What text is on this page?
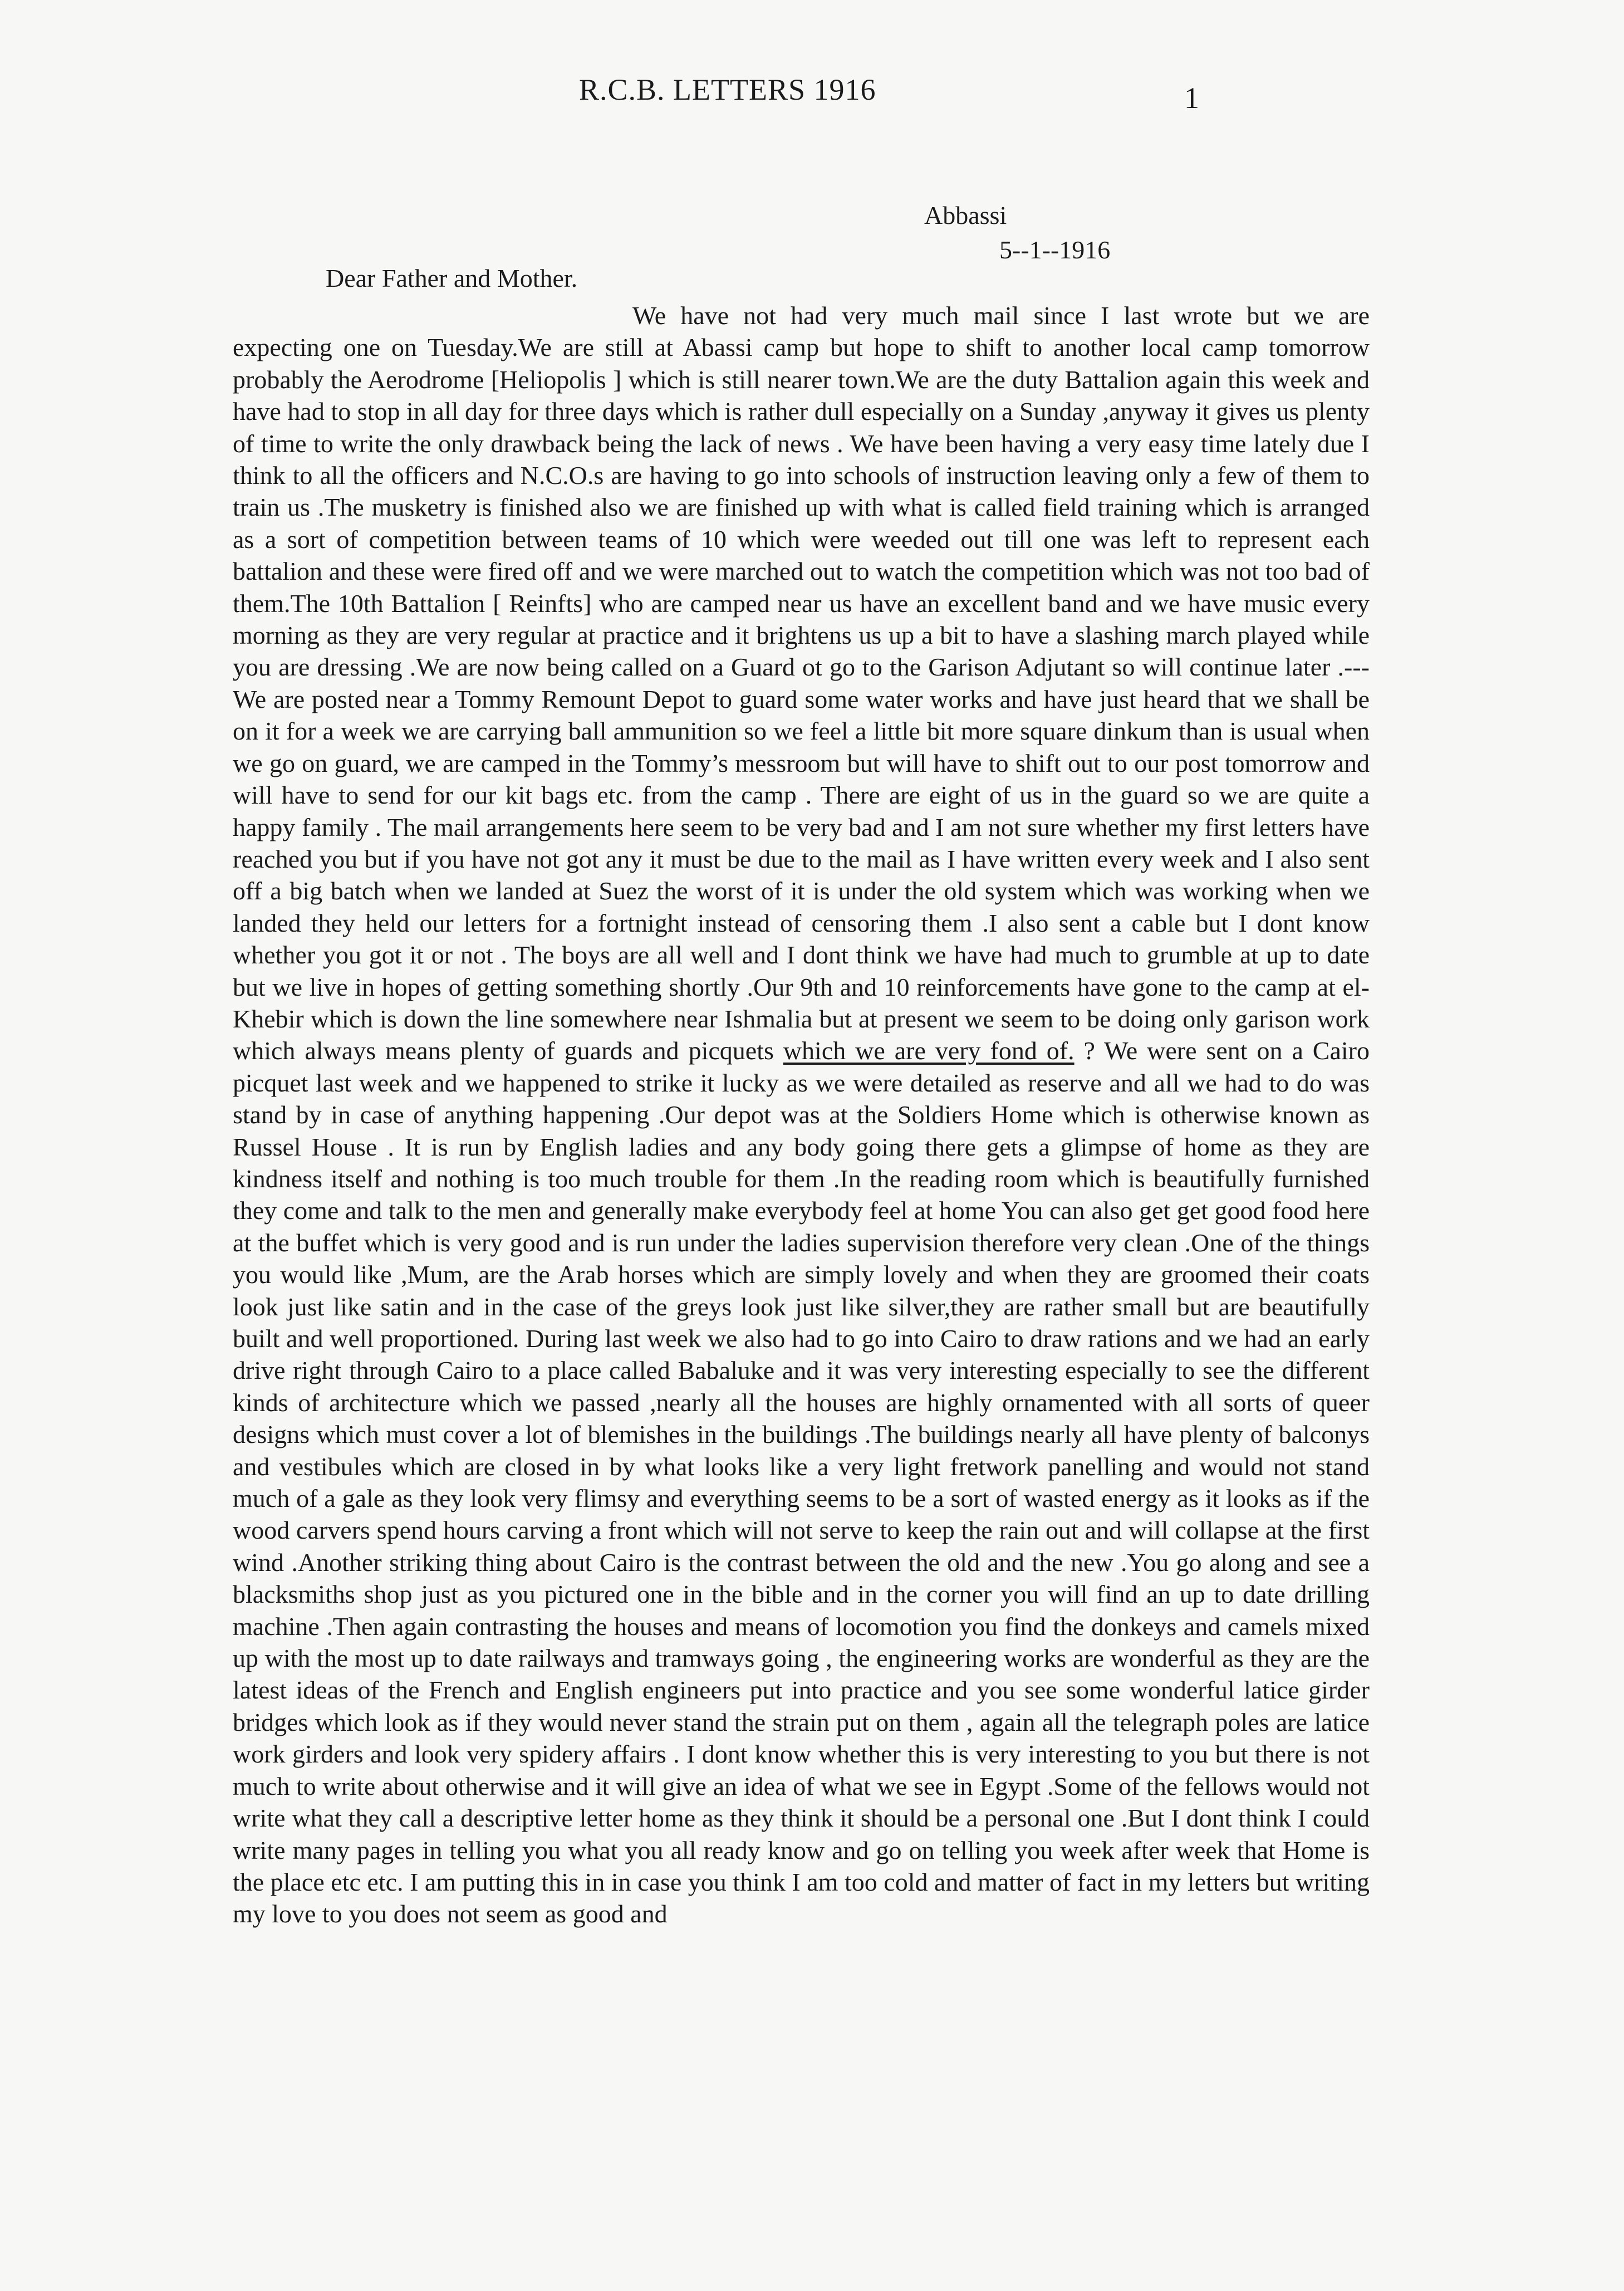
R.C.B. LETTERS 1916	1
Abbassi
5--1--1916
Dear Father and Mother.
We have not had very much mail since I last wrote but we are expecting one on Tuesday.We are still at Abassi camp but hope to shift to another local camp tomorrow probably the Aerodrome [Heliopolis ] which is still nearer town.We are the duty Battalion again this week and have had to stop in all day for three days which is rather dull especially on a Sunday ,anyway it gives us plenty of time to write the only drawback being the lack of news . We have been having a very easy time lately due I think to all the officers and N.C.O.s are having to go into schools of instruction leaving only a few of them to train us .The musketry is finished also we are finished up with what is called field training which is arranged as a sort of competition between teams of 10 which were weeded out till one was left to represent each battalion and these were fired off and we were marched out to watch the competition which was not too bad of them.The 10th Battalion [ Reinfts] who are camped near us have an excellent band and we have music every morning as they are very regular at practice and it brightens us up a bit to have a slashing march played while you are dressing .We are now being called on a Guard ot go to the Garison Adjutant so will continue later .---We are posted near a Tommy Remount Depot to guard some water works and have just heard that we shall be on it for a week we are carrying ball ammunition so we feel a little bit more square dinkum than is usual when we go on guard, we are camped in the Tommy’s messroom but will have to shift out to our post tomorrow and will have to send for our kit bags etc. from the camp . There are eight of us in the guard so we are quite a happy family . The mail arrangements here seem to be very bad and I am not sure whether my first letters have reached you but if you have not got any it must be due to the mail as I have written every week and I also sent off a big batch when we landed at Suez the worst of it is under the old system which was working when we landed they held our letters for a fortnight instead of censoring them .I also sent a cable but I dont know whether you got it or not . The boys are all well and I dont think we have had much to grumble at up to date but we live in hopes of getting something shortly .Our 9th and 10 reinforcements have gone to the camp at el- Khebir which is down the line somewhere near Ishmalia but at present we seem to be doing only garison work which always means plenty of guards and picquets which we are very fond of. ? We were sent on a Cairo picquet last week and we happened to strike it lucky as we were detailed as reserve and all we had to do was stand by in case of anything happening .Our depot was at the Soldiers Home which is otherwise known as Russel House . It is run by English ladies and any body going there gets a glimpse of home as they are kindness itself and nothing is too much trouble for them .In the reading room which is beautifully furnished they come and talk to the men and generally make everybody feel at home You can also get get good food here at the buffet which is very good and is run under the ladies supervision therefore very clean .One of the things you would like ,Mum, are the Arab horses which are simply lovely and when they are groomed their coats look just like satin and in the case of the greys look just like silver,they are rather small but are beautifully built and well proportioned. During last week we also had to go into Cairo to draw rations and we had an early drive right through Cairo to a place called Babaluke and it was very interesting especially to see the different kinds of architecture which we passed ,nearly all the houses are highly ornamented with all sorts of queer designs which must cover a lot of blemishes in the buildings .The buildings nearly all have plenty of balconys and vestibules which are closed in by what looks like a very light fretwork panelling and would not stand much of a gale as they look very flimsy and everything seems to be a sort of wasted energy as it looks as if the wood carvers spend hours carving a front which will not serve to keep the rain out and will collapse at the first wind .Another striking thing about Cairo is the contrast between the old and the new .You go along and see a blacksmiths shop just as you pictured one in the bible and in the corner you will find an up to date drilling machine .Then again contrasting the houses and means of locomotion you find the donkeys and camels mixed up with the most up to date railways and tramways going , the engineering works are wonderful as they are the latest ideas of the French and English engineers put into practice and you see some wonderful latice girder bridges which look as if they would never stand the strain put on them , again all the telegraph poles are latice work girders and look very spidery affairs . I dont know whether this is very interesting to you but there is not much to write about otherwise and it will give an idea of what we see in Egypt .Some of the fellows would not write what they call a descriptive letter home as they think it should be a personal one .But I dont think I could write many pages in telling you what you all ready know and go on telling you week after week that Home is the place etc etc. I am putting this in in case you think I am too cold and matter of fact in my letters but writing my love to you does not seem as good and
